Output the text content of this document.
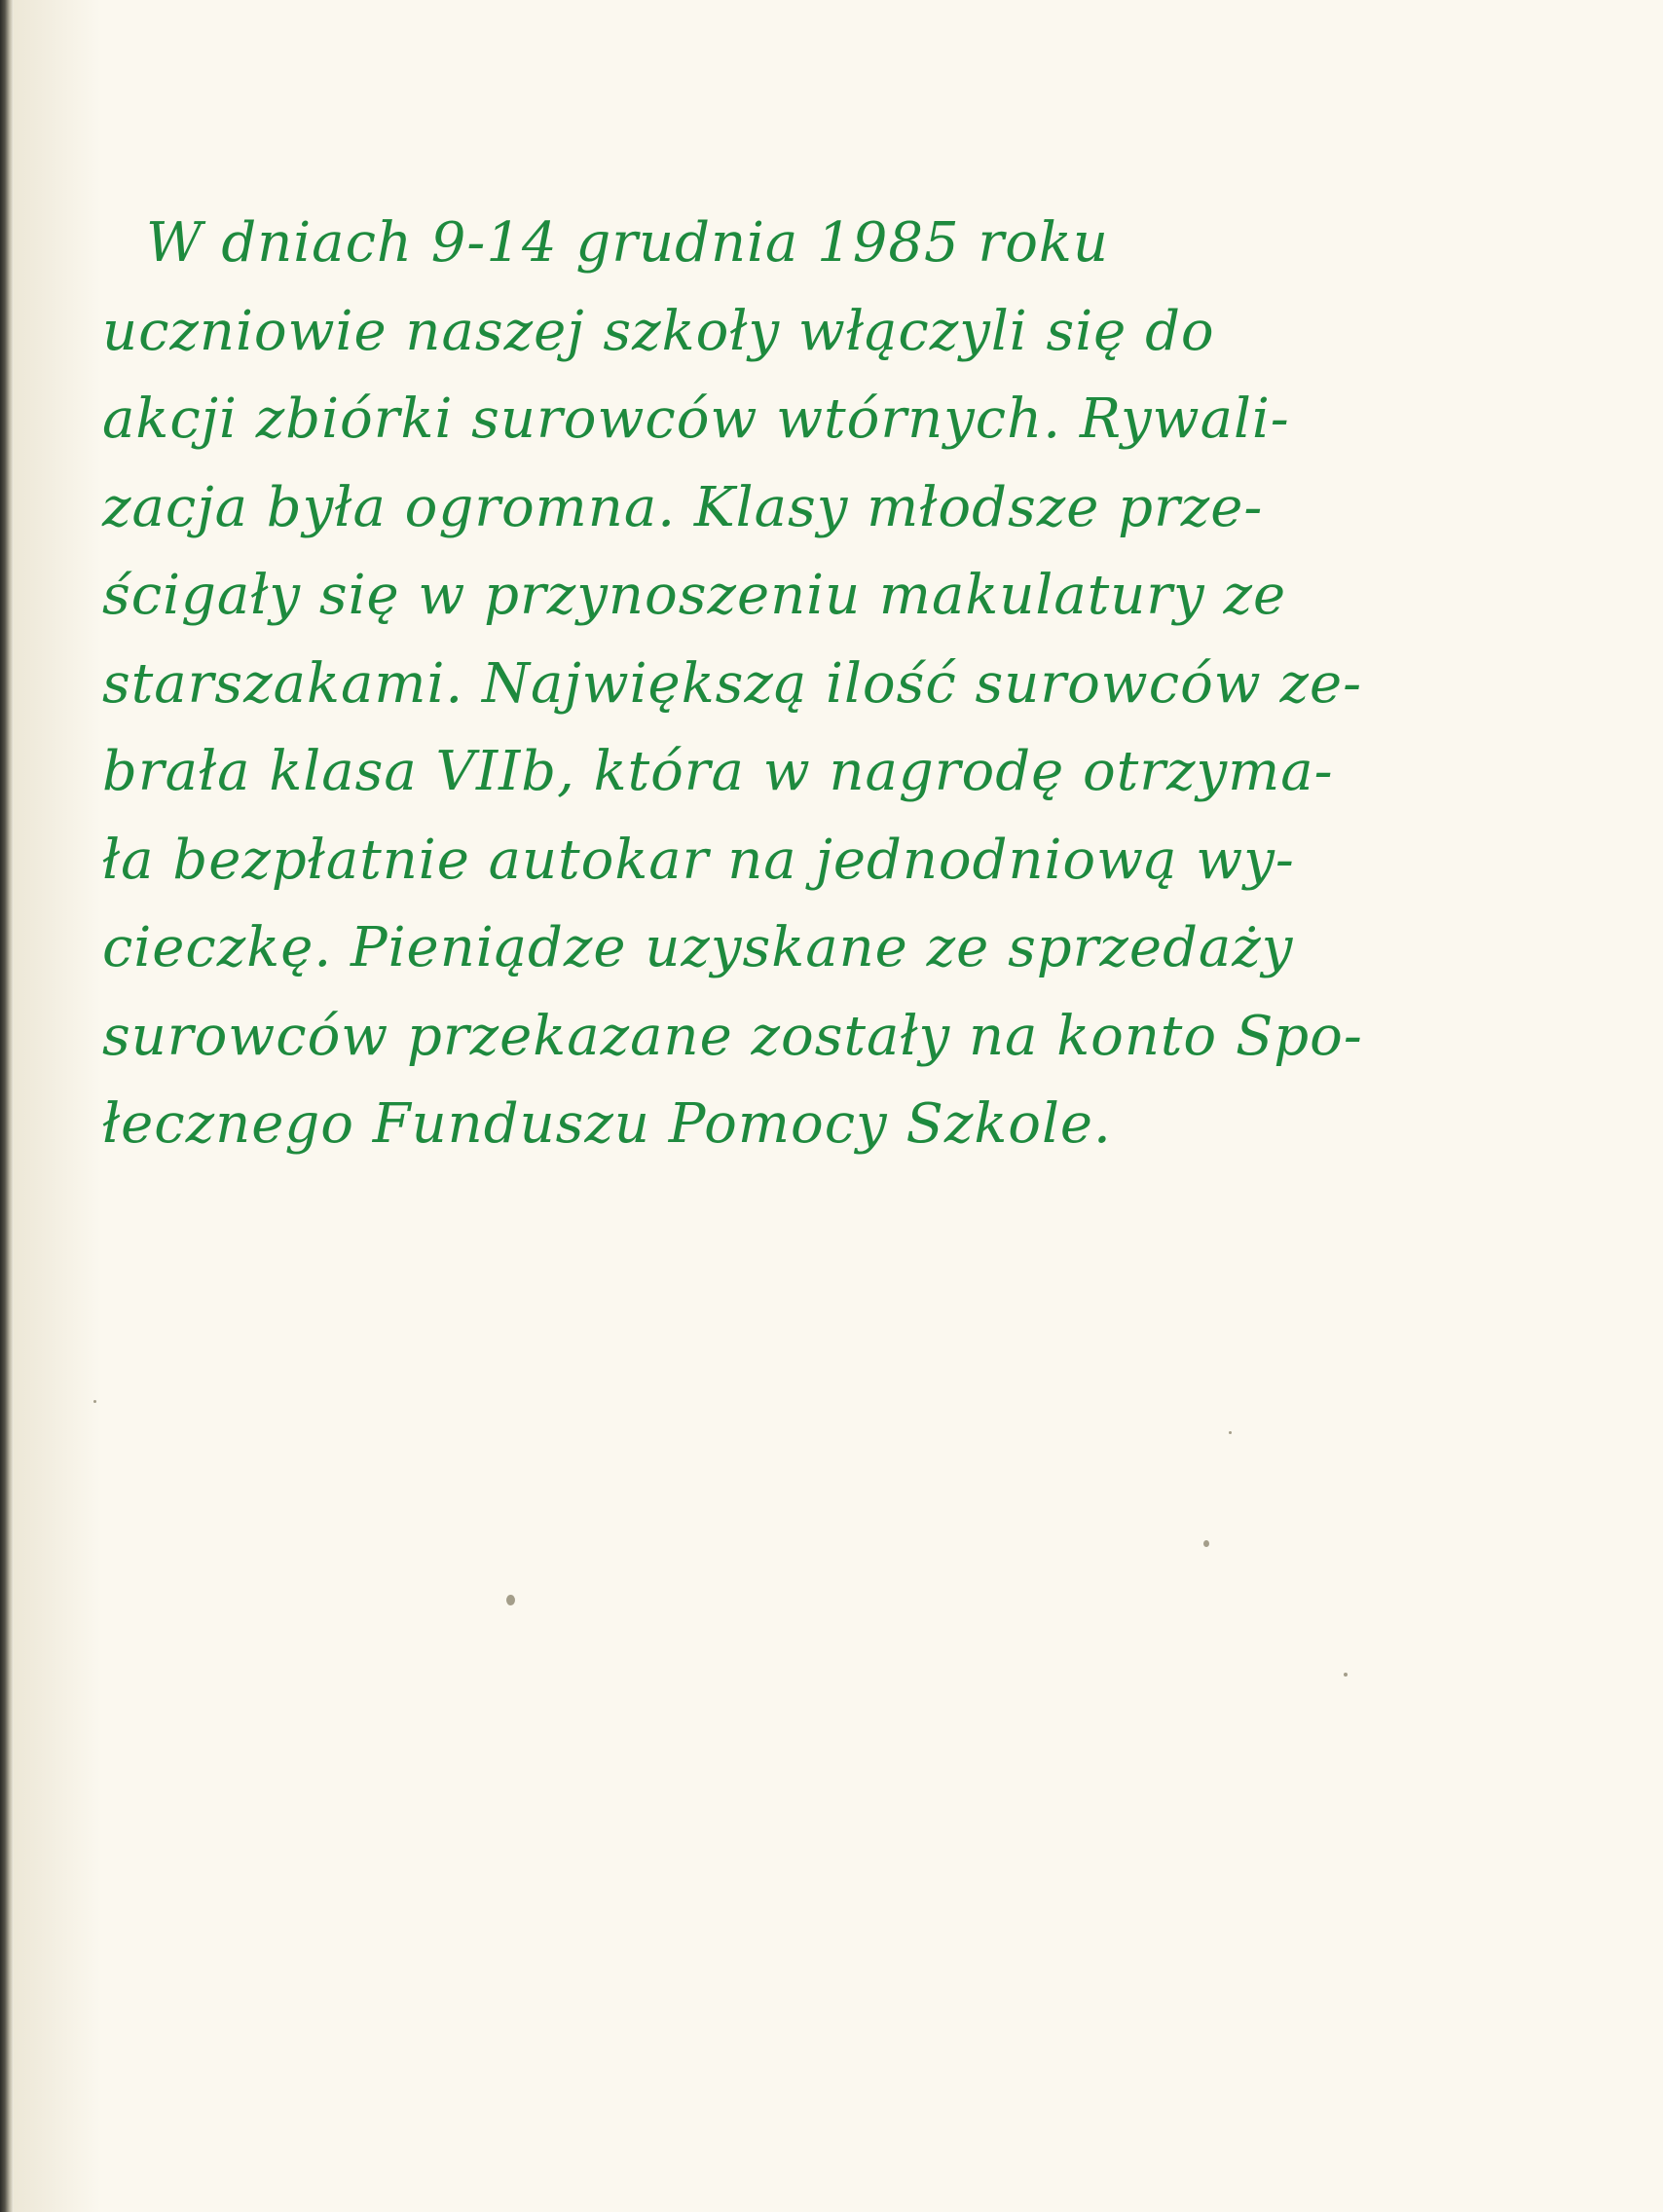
W dniach 9-14 grudnia 1985 roku
uczniowie naszej szkoły włączyli się do
akcji zbiórki surowców wtórnych. Rywali-
zacja była ogromna. Klasy młodsze prze-
ścigały się w przynoszeniu makulatury ze
starszakami. Największą ilość surowców ze-
brała klasa VIIb, która w nagrodę otrzyma-
ła bezpłatnie autokar na jednodniową wy-
cieczkę. Pieniądze uzyskane ze sprzedaży
surowców przekazane zostały na konto Spo-
łecznego Funduszu Pomocy Szkole.
